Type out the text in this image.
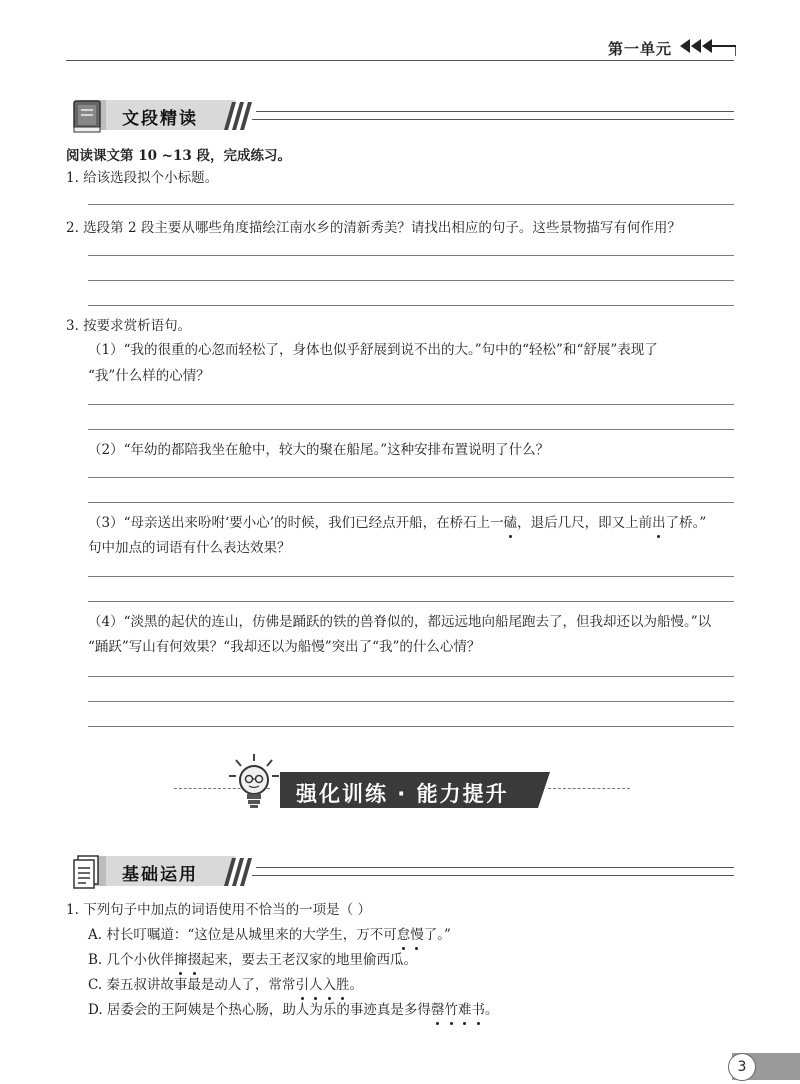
第一单元
文段精读
阅读课文第 10 ~13 段，完成练习。
1. 给该选段拟个小标题。
2. 选段第 2 段主要从哪些角度描绘江南水乡的清新秀美？请找出相应的句子。这些景物描写有何作用？
3. 按要求赏析语句。
（1）“我的很重的心忽而轻松了，身体也似乎舒展到说不出的大。”句中的“轻松”和“舒展”表现了
“我”什么样的心情？
（2）“年幼的都陪我坐在舱中，较大的聚在船尾。”这种安排布置说明了什么？
（3）“母亲送出来吩咐‘要小心’的时候，我们已经点开船，在桥石上一磕，退后几尺，即又上前出了桥。”
句中加点的词语有什么表达效果？
（4）“淡黑的起伏的连山，仿佛是踊跃的铁的兽脊似的，都远远地向船尾跑去了，但我却还以为船慢。”以
“踊跃”写山有何效果？“我却还以为船慢”突出了“我”的什么心情？
强化训练 · 能力提升
基础运用
1. 下列句子中加点的词语使用不恰当的一项是（ ）
A. 村长叮嘱道：“这位是从城里来的大学生，万不可怠慢了。”
B. 几个小伙伴撺掇起来，要去王老汉家的地里偷西瓜。
C. 秦五叔讲故事最是动人了，常常引人入胜。
D. 居委会的王阿姨是个热心肠，助人为乐的事迹真是多得罄竹难书。
3
